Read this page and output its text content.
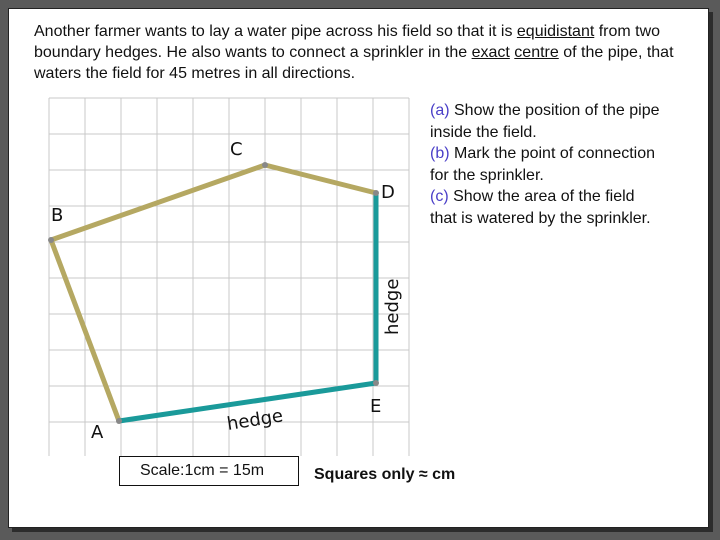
Another farmer wants to lay a water pipe across his field so that it is equidistant from two boundary hedges. He also wants to connect a sprinkler in the exact centre of the pipe, that waters the field for 45 metres in all directions.
A
B
C
D
E
hedge
hedge
(a) Show the position of the pipe inside the field.
(b) Mark the point of connection for the sprinkler.
(c) Show the area of the field that is watered by the sprinkler.
Scale:1cm = 15m	Squares only ≈ cm
